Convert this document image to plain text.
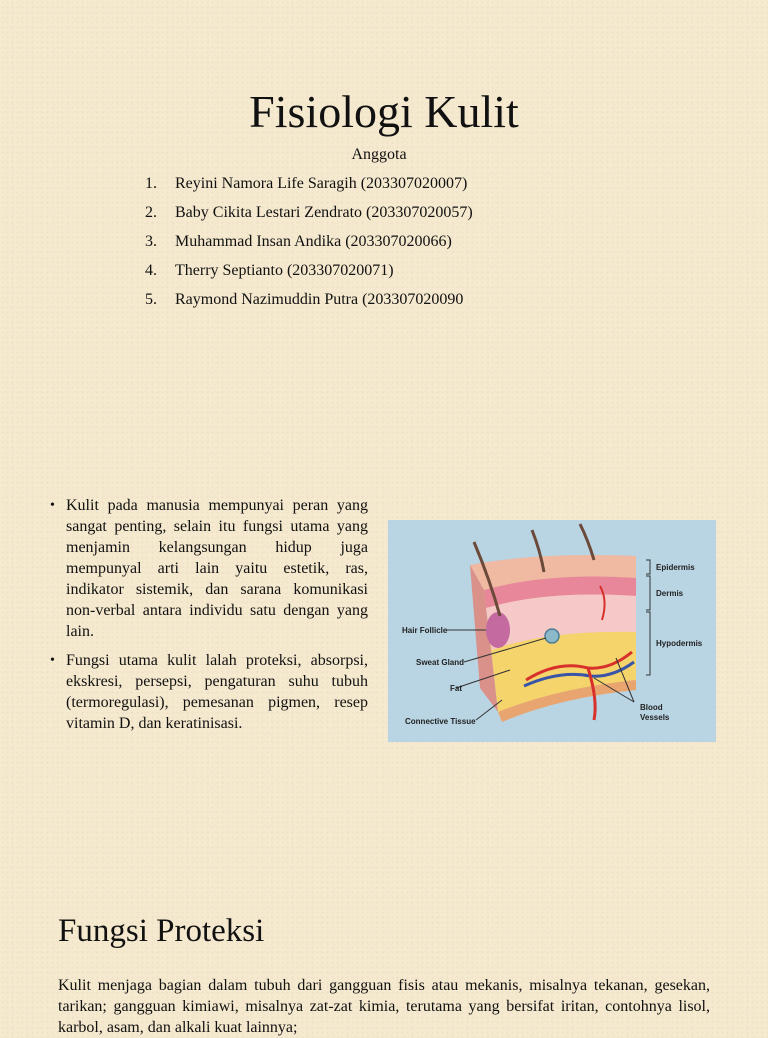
Fisiologi Kulit
Anggota
1.	Reyini Namora Life Saragih (203307020007)
2.	Baby Cikita Lestari Zendrato (203307020057)
3.	Muhammad Insan Andika (203307020066)
4.	Therry Septianto (203307020071)
5.	Raymond Nazimuddin Putra (203307020090
• Kulit pada manusia mempunyai peran yang sangat penting, selain itu fungsi utama yang menjamin kelangsungan hidup juga mempunyal arti lain yaitu estetik, ras, indikator sistemik, dan sarana komunikasi non-verbal antara individu satu dengan yang lain.
• Fungsi utama kulit lalah proteksi, absorpsi, ekskresi, persepsi, pengaturan suhu tubuh (termoregulasi), pemesanan pigmen, resep vitamin D, dan keratinisasi.
Epidermis
Dermis
Hypodermis
Hair Follicle
Sweat Gland
Fat
Connective Tissue
Blood
Vessels
Fungsi Proteksi

Kulit menjaga bagian dalam tubuh dari gangguan fisis atau mekanis, misalnya tekanan, gesekan, tarikan; gangguan kimiawi, misalnya zat-zat kimia, terutama yang bersifat iritan, contohnya lisol, karbol, asam, dan alkali kuat lainnya;
